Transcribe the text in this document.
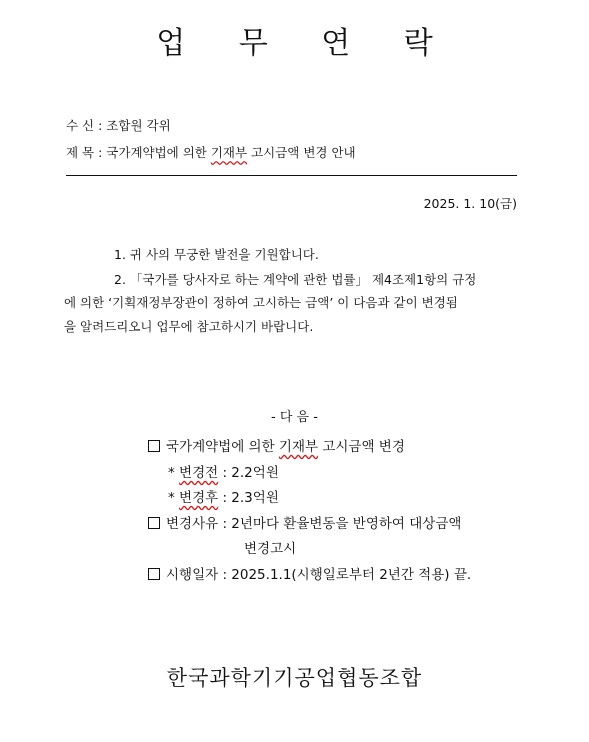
업 무 연 락
수 신 : 조합원 각위
제 목 : 국가계약법에 의한 기재부 고시금액 변경 안내
2025. 1. 10(금)
1. 귀 사의 무궁한 발전을 기원합니다.
2. 「국가를 당사자로 하는 계약에 관한 법률」 제4조제1항의 규정
에 의한 ‘기획재정부장관이 정하여 고시하는 금액’ 이 다음과 같이 변경됨
을 알려드리오니 업무에 참고하시기 바랍니다.
- 다 음 -
국가계약법에 의한 기재부 고시금액 변경
* 변경전 : 2.2억원
* 변경후 : 2.3억원
변경사유 : 2년마다 환율변동을 반영하여 대상금액
변경고시
시행일자 : 2025.1.1(시행일로부터 2년간 적용) 끝.
한국과학기기공업협동조합
